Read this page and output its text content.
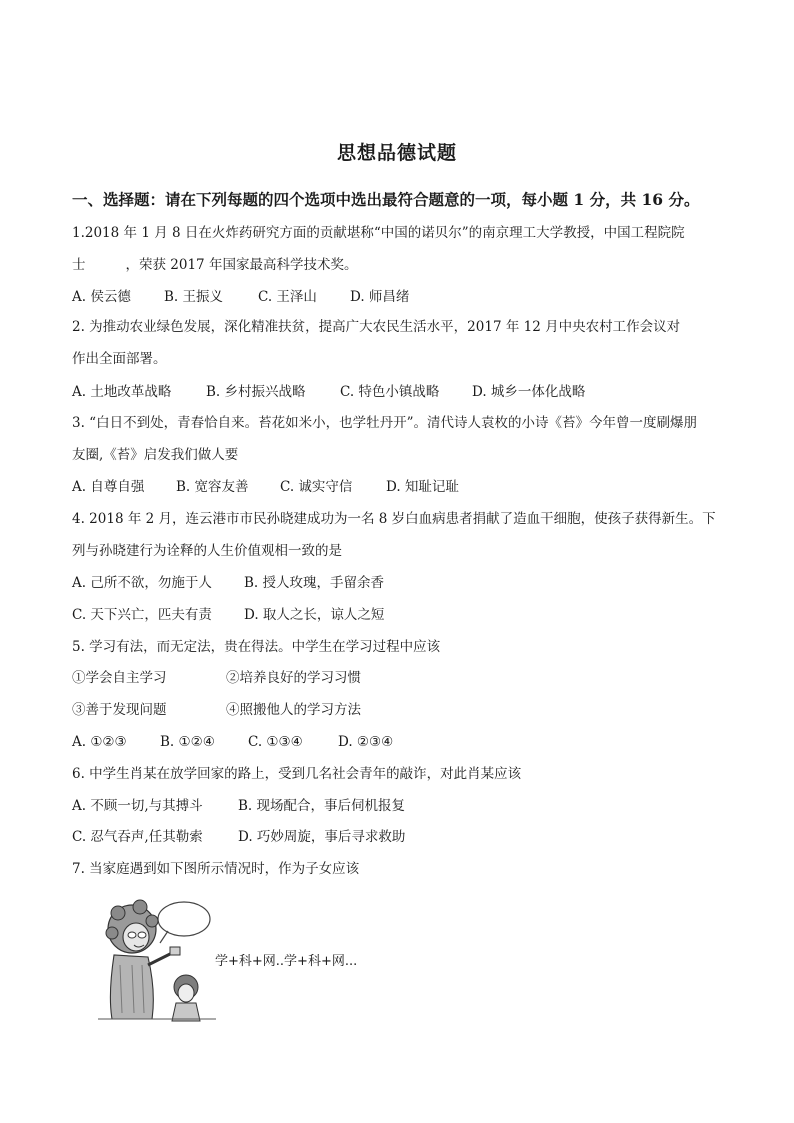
思想品德试题
一、选择题：请在下列每题的四个选项中选出最符合题意的一项，每小题 1 分，共 16 分。
1.2018 年 1 月 8 日在火炸药研究方面的贡献堪称“中国的诺贝尔”的南京理工大学教授，中国工程院院
士	，荣获 2017 年国家最高科学技术奖。
A. 侯云德 B. 王振义	C. 王泽山 D. 师昌绪
2. 为推动农业绿色发展，深化精准扶贫，提高广大农民生活水平，2017 年 12 月中央农村工作会议对
作出全面部署。
A. 土地改革战略	B. 乡村振兴战略	C. 特色小镇战略 D. 城乡一体化战略
3. “白日不到处，青春恰自来。苔花如米小，也学牡丹开”。清代诗人袁枚的小诗《苔》今年曾一度刷爆朋
友圈,《苔》启发我们做人要
A. 自尊自强 B. 宽容友善 C. 诚实守信 D. 知耻记耻
4. 2018 年 2 月，连云港市市民孙晓建成功为一名 8 岁白血病患者捐献了造血干细胞，使孩子获得新生。下
列与孙晓建行为诠释的人生价值观相一致的是
A. 己所不欲，勿施于人 B. 授人玫瑰，手留余香
C. 天下兴亡，匹夫有责 D. 取人之长，谅人之短
5. 学习有法，而无定法，贵在得法。中学生在学习过程中应该
①学会自主学习	②培养良好的学习习惯
③善于发现问题	④照搬他人的学习方法
A. ①②③ B. ①②④ C. ①③④	D. ②③④
6. 中学生肖某在放学回家的路上，受到几名社会青年的敲诈，对此肖某应该
A. 不顾一切,与其搏斗	B. 现场配合，事后伺机报复
C. 忍气吞声,任其勒索	D. 巧妙周旋，事后寻求救助
7. 当家庭遇到如下图所示情况时，作为子女应该
学+科+网..学+科+网...
